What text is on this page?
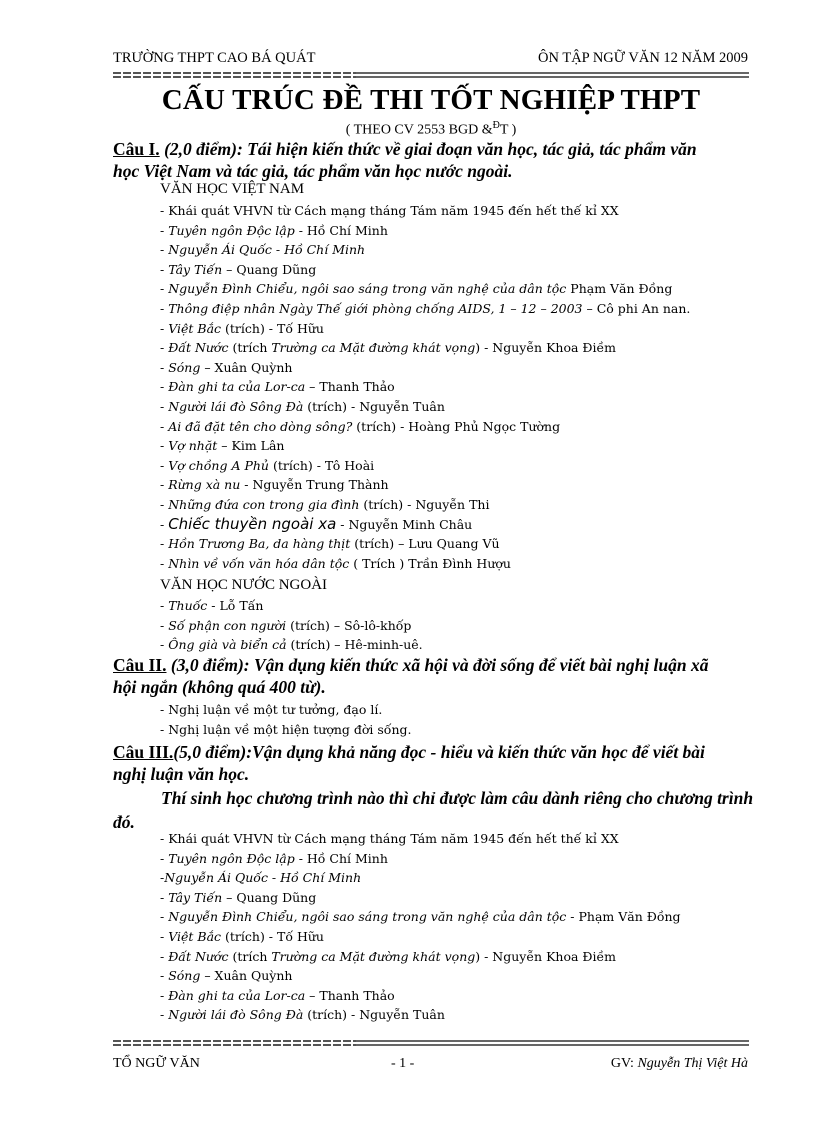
TRƯỜNG THPT CAO BÁ QUÁT	ÔN TẬP NGỮ VĂN 12 NĂM 2009
CẤU TRÚC ĐỀ THI TỐT NGHIỆP THPT
( THEO CV 2553 BGD &$^Đ$T )
Câu I. (2,0 điểm): Tái hiện kiến thức về giai đoạn văn học, tác giả, tác phẩm văn
học Việt Nam và tác giả, tác phẩm văn học nước ngoài.
VĂN HỌC VIỆT NAM
- Khái quát VHVN từ Cách mạng tháng Tám năm 1945 đến hết thế kỉ XX
- Tuyên ngôn Độc lập - Hồ Chí Minh
- Nguyễn Ái Quốc - Hồ Chí Minh
- Tây Tiến – Quang Dũng
- Nguyễn Đình Chiểu, ngôi sao sáng trong văn nghệ của dân tộc Phạm Văn Đồng
- Thông điệp nhân Ngày Thế giới phòng chống AIDS, 1 – 12 – 2003 – Cô phi An nan.
- Việt Bắc (trích) - Tố Hữu
- Đất Nước (trích Trường ca Mặt đường khát vọng) - Nguyễn Khoa Điềm
- Sóng – Xuân Quỳnh
- Đàn ghi ta của Lor-ca – Thanh Thảo
- Người lái đò Sông Đà (trích) - Nguyễn Tuân
- Ai đã đặt tên cho dòng sông? (trích) - Hoàng Phủ Ngọc Tường
- Vợ nhặt – Kim Lân
- Vợ chồng A Phủ (trích) - Tô Hoài
- Rừng xà nu - Nguyễn Trung Thành
- Những đứa con trong gia đình (trích) - Nguyễn Thi
- Chiếc thuyền ngoài xa - Nguyễn Minh Châu
- Hồn Trương Ba, da hàng thịt (trích) – Lưu Quang Vũ
- Nhìn về vốn văn hóa dân tộc ( Trích ) Trần Đình Hượu
VĂN HỌC NƯỚC NGOÀI
- Thuốc - Lỗ Tấn
- Số phận con người (trích) – Sô-lô-khốp
- Ông già và biển cả (trích) – Hê-minh-uê.
Câu II. (3,0 điểm): Vận dụng kiến thức xã hội và đời sống để viết bài nghị luận xã
hội ngắn (không quá 400 từ).
- Nghị luận về một tư tưởng, đạo lí.
- Nghị luận về một hiện tượng đời sống.
Câu III.(5,0 điểm):Vận dụng khả năng đọc - hiểu và kiến thức văn học để viết bài
nghị luận văn học.
Thí sinh học chương trình nào thì chỉ được làm câu dành riêng cho chương trình đó.
- Khái quát VHVN từ Cách mạng tháng Tám năm 1945 đến hết thế kỉ XX
- Tuyên ngôn Độc lập - Hồ Chí Minh
-Nguyễn Ái Quốc - Hồ Chí Minh
- Tây Tiến – Quang Dũng
- Nguyễn Đình Chiểu, ngôi sao sáng trong văn nghệ của dân tộc - Phạm Văn Đồng
- Việt Bắc (trích) - Tố Hữu
- Đất Nước (trích Trường ca Mặt đường khát vọng) - Nguyễn Khoa Điềm
- Sóng – Xuân Quỳnh
- Đàn ghi ta của Lor-ca – Thanh Thảo
- Người lái đò Sông Đà (trích) - Nguyễn Tuân
TỔ NGỮ VĂN	- 1 -	GV: Nguyễn Thị Việt Hà
